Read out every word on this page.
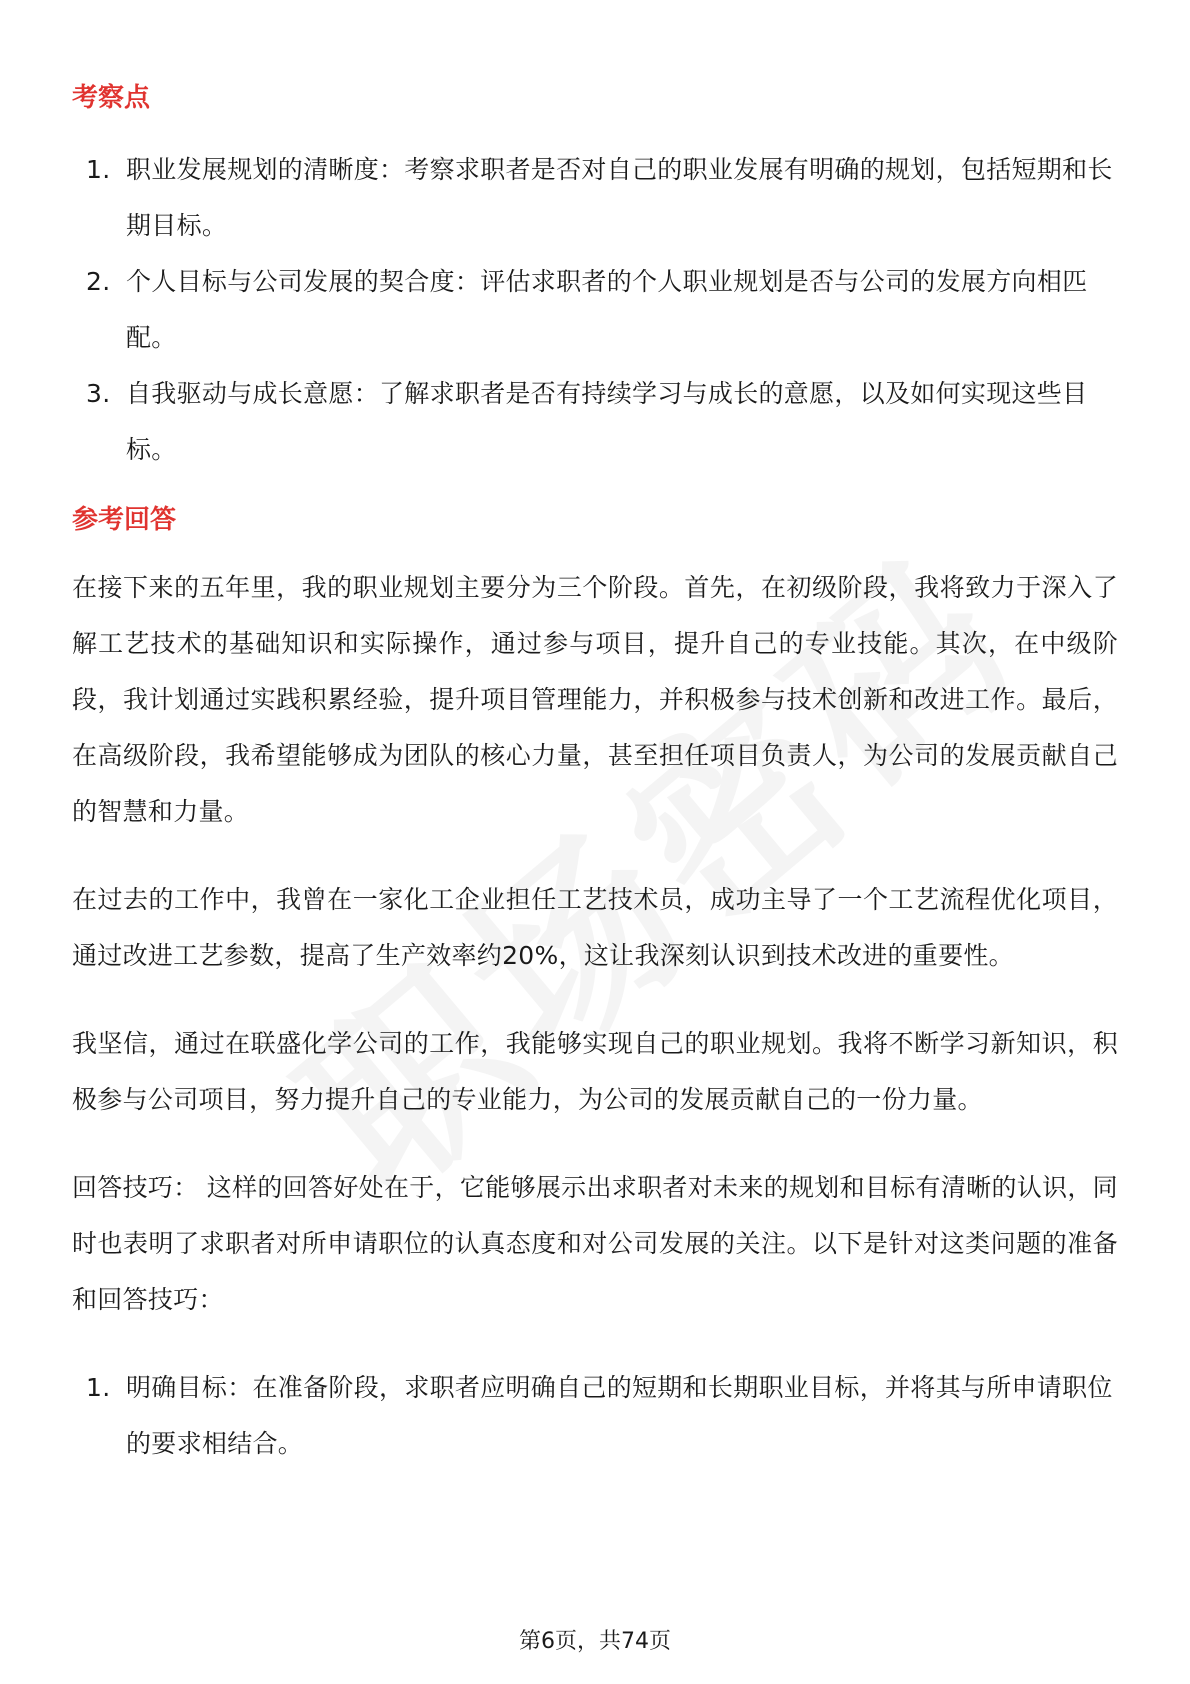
考察点
1. 职业发展规划的清晰度：考察求职者是否对自己的职业发展有明确的规划，包括短期和长期目标。
2. 个人目标与公司发展的契合度：评估求职者的个人职业规划是否与公司的发展方向相匹配。
3. 自我驱动与成长意愿：了解求职者是否有持续学习与成长的意愿，以及如何实现这些目标。
参考回答

在接下来的五年里，我的职业规划主要分为三个阶段。首先，在初级阶段，我将致力于深入了解工艺技术的基础知识和实际操作，通过参与项目，提升自己的专业技能。其次，在中级阶段，我计划通过实践积累经验，提升项目管理能力，并积极参与技术创新和改进工作。最后，在高级阶段，我希望能够成为团队的核心力量，甚至担任项目负责人，为公司的发展贡献自己的智慧和力量。

在过去的工作中，我曾在一家化工企业担任工艺技术员，成功主导了一个工艺流程优化项目，通过改进工艺参数，提高了生产效率约20%，这让我深刻认识到技术改进的重要性。

我坚信，通过在联盛化学公司的工作，我能够实现自己的职业规划。我将不断学习新知识，积极参与公司项目，努力提升自己的专业能力，为公司的发展贡献自己的一份力量。

回答技巧： 这样的回答好处在于，它能够展示出求职者对未来的规划和目标有清晰的认识，同时也表明了求职者对所申请职位的认真态度和对公司发展的关注。以下是针对这类问题的准备和回答技巧：

1. 明确目标：在准备阶段，求职者应明确自己的短期和长期职业目标，并将其与所申请职位的要求相结合。
第6页，共74页
